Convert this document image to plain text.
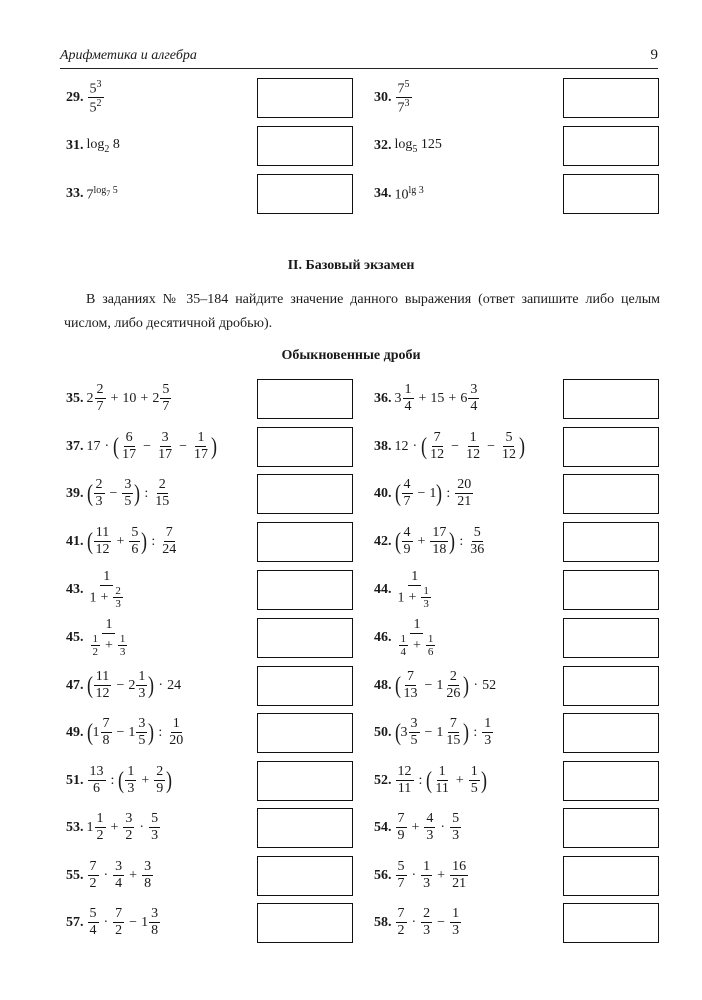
Арифметика и алгебра	9
29. $\frac{5^3}{5^2}$	30. $\frac{7^5}{7^3}$
31. $\log_2 8$	32. $\log_5 125$
33. $7^{log_7 5}$	34. $10^{lg 3}$
II. Базовый экзамен
В заданиях № 35–184 найдите значение данного выражения (ответ запишите либо целым числом, либо десятичной дробью).
Обыкновенные дроби
35. $2 \frac{2}{7} + 10 + 2 \frac{5}{7}$	36. $3 \frac{1}{4} + 15 + 6 \frac{3}{4}$
37. 17 · ( $\frac{6}{17} - \frac{3}{17} - \frac{1}{17}$ )	38. 12 · ( $\frac{7}{12} - \frac{1}{12} - \frac{5}{12}$ )
39. ( $\frac{2}{3} - \frac{3}{5}$ ) : $\frac{2}{15}$	40. ( $\frac{4}{7} - 1$ ) : $\frac{20}{21}$
41. ( $\frac{11}{12} + \frac{5}{6}$ ) : $\frac{7}{24}$	42. ( $\frac{4}{9} + \frac{17}{18}$ ) : $\frac{5}{36}$
43. $\frac{1}{1 + \frac{2}{3}}$	44. $\frac{1}{1 + \frac{1}{3}}$
45. $\frac{1}{\frac{1}{2} + \frac{1}{3}}$	46. $\frac{1}{\frac{1}{4} + \frac{1}{6}}$
47. ( $\frac{11}{12} - 2 \frac{1}{3}$ ) · 24	48. ( $\frac{7}{13} - 1 \frac{2}{26}$ ) · 52
49. ( $1 \frac{7}{8} - 1 \frac{3}{5}$ ) : $\frac{1}{20}$	50. ( $3 \frac{3}{5} - 1 \frac{7}{15}$ ) : $\frac{1}{3}$
51. $\frac{13}{6}$ : ( $\frac{1}{3} + \frac{2}{9}$ )	52. $\frac{12}{11}$ : ( $\frac{1}{11} + \frac{1}{5}$ )
53. $1 \frac{1}{2} + \frac{3}{2} \cdot \frac{5}{3}$	54. $\frac{7}{9} + \frac{4}{3} \cdot \frac{5}{3}$
55. $\frac{7}{2} \cdot \frac{3}{4} + \frac{3}{8}$	56. $\frac{5}{7} \cdot \frac{1}{3} + \frac{16}{21}$
57. $\frac{5}{4} \cdot \frac{7}{2} - 1 \frac{3}{8}$	58. $\frac{7}{2} \cdot \frac{2}{3} - \frac{1}{3}$
